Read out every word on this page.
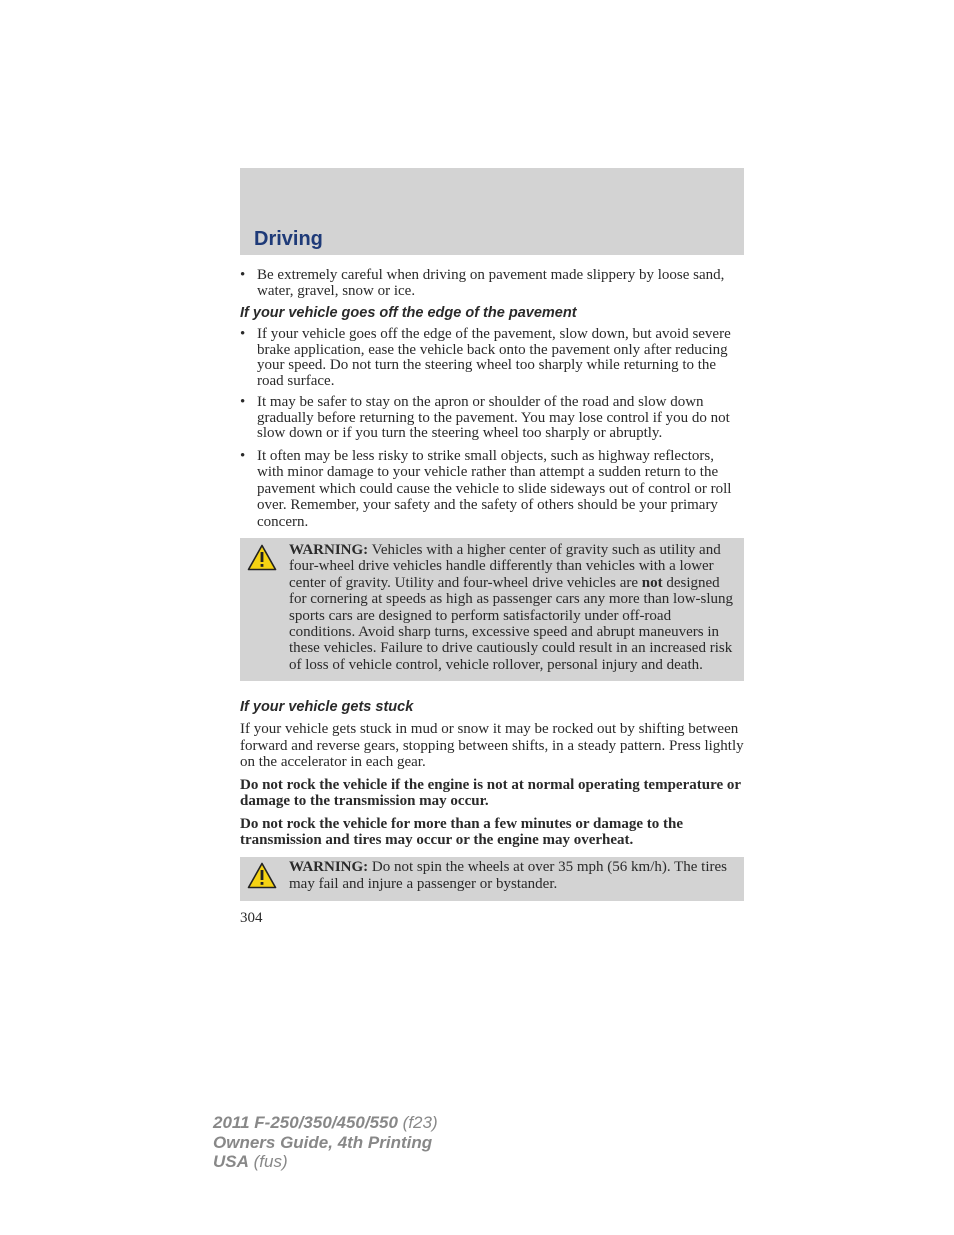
Driving
• Be extremely careful when driving on pavement made slippery by loose sand, water, gravel, snow or ice.
If your vehicle goes off the edge of the pavement
• If your vehicle goes off the edge of the pavement, slow down, but avoid severe brake application, ease the vehicle back onto the pavement only after reducing your speed. Do not turn the steering wheel too sharply while returning to the road surface.
• It may be safer to stay on the apron or shoulder of the road and slow down gradually before returning to the pavement. You may lose control if you do not slow down or if you turn the steering wheel too sharply or abruptly.
• It often may be less risky to strike small objects, such as highway reflectors, with minor damage to your vehicle rather than attempt a sudden return to the pavement which could cause the vehicle to slide sideways out of control or roll over. Remember, your safety and the safety of others should be your primary concern.
WARNING: Vehicles with a higher center of gravity such as utility and four-wheel drive vehicles handle differently than vehicles with a lower center of gravity. Utility and four-wheel drive vehicles are not designed for cornering at speeds as high as passenger cars any more than low-slung sports cars are designed to perform satisfactorily under off-road conditions. Avoid sharp turns, excessive speed and abrupt maneuvers in these vehicles. Failure to drive cautiously could result in an increased risk of loss of vehicle control, vehicle rollover, personal injury and death.
If your vehicle gets stuck
If your vehicle gets stuck in mud or snow it may be rocked out by shifting between forward and reverse gears, stopping between shifts, in a steady pattern. Press lightly on the accelerator in each gear.
Do not rock the vehicle if the engine is not at normal operating temperature or damage to the transmission may occur.
Do not rock the vehicle for more than a few minutes or damage to the transmission and tires may occur or the engine may overheat.
WARNING: Do not spin the wheels at over 35 mph (56 km/h). The tires may fail and injure a passenger or bystander.
304
2011 F-250/350/450/550 (f23)
Owners Guide, 4th Printing
USA (fus)
